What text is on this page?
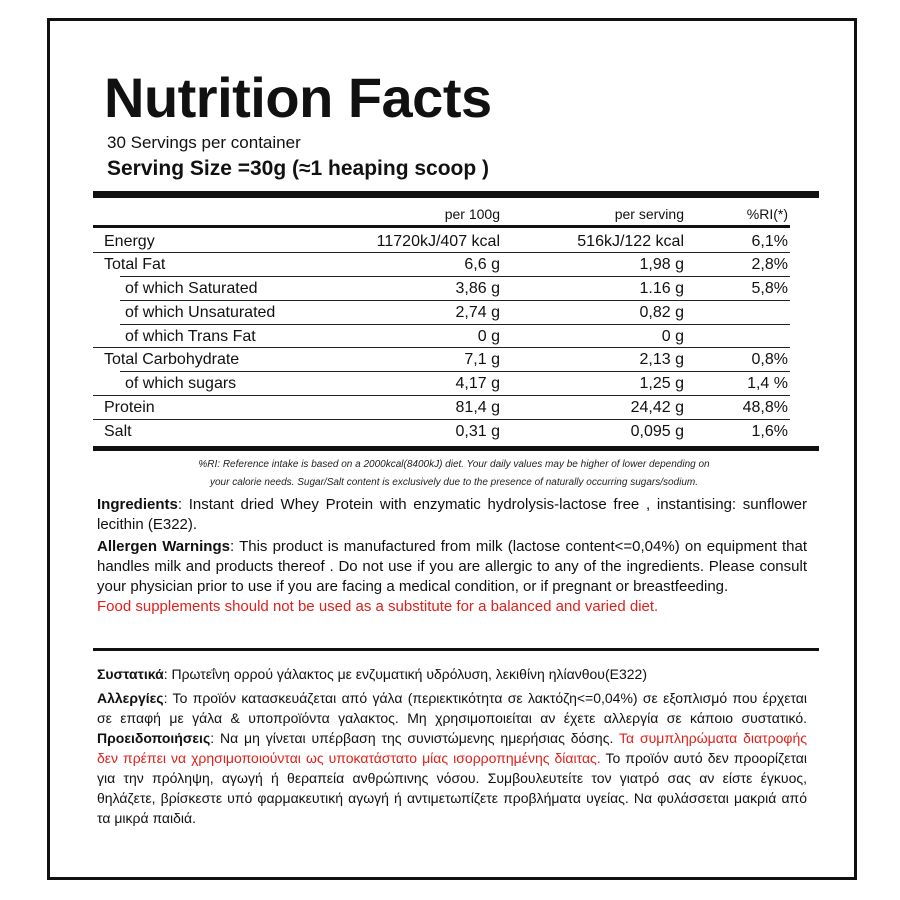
Nutrition Facts
30 Servings per container
Serving Size =30g (≈1 heaping scoop )
per 100g	per serving	%RI(*)
Energy	11720kJ/407 kcal	516kJ/122 kcal	6,1%
Total Fat	6,6 g	1,98 g	2,8%
of which Saturated	3,86 g	1.16 g	5,8%
of which Unsaturated	2,74 g	0,82 g
of which Trans Fat	0 g	0 g
Total Carbohydrate	7,1 g	2,13 g	0,8%
of which sugars	4,17 g	1,25 g	1,4 %
Protein	81,4 g	24,42 g	48,8%
Salt	0,31 g	0,095 g	1,6%
%RI: Reference intake is based on a 2000kcal(8400kJ) diet. Your daily values may be higher of lower depending on
your calorie needs. Sugar/Salt content is exclusively due to the presence of naturally occurring sugars/sodium.
Ingredients: Instant dried Whey Protein with enzymatic hydrolysis-lactose free , instantising: sunflower lecithin (E322).
Allergen Warnings: This product is manufactured from milk (lactose content<=0,04%) on equipment that handles milk and products thereof . Do not use if you are allergic to any of the ingredients. Please consult your physician prior to use if you are facing a medical condition, or if pregnant or breastfeeding.
Food supplements should not be used as a substitute for a balanced and varied diet.
Συστατικά: Πρωτεΐνη ορρού γάλακτος με ενζυματική υδρόλυση, λεκιθίνη ηλίανθου(E322)
Αλλεργίες: Το προϊόν κατασκευάζεται από γάλα (περιεκτικότητα σε λακτόζη<=0,04%) σε εξοπλισμό που έρχεται σε επαφή με γάλα & υποπροϊόντα γαλακτος. Μη χρησιμοποιείται αν έχετε αλλεργία σε κάποιο συστατικό. Προειδοποιήσεις: Να μη γίνεται υπέρβαση της συνιστώμενης ημερήσιας δόσης. Τα συμπληρώματα διατροφής δεν πρέπει να χρησιμοποιούνται ως υποκατάστατο μίας ισορροπημένης δίαιτας. Το προϊόν αυτό δεν προορίζεται για την πρόληψη, αγωγή ή θεραπεία ανθρώπινης νόσου. Συμβουλευτείτε τον γιατρό σας αν είστε έγκυος, θηλάζετε, βρίσκεστε υπό φαρμακευτική αγωγή ή αντιμετωπίζετε προβλήματα υγείας. Να φυλάσσεται μακριά από τα μικρά παιδιά.
